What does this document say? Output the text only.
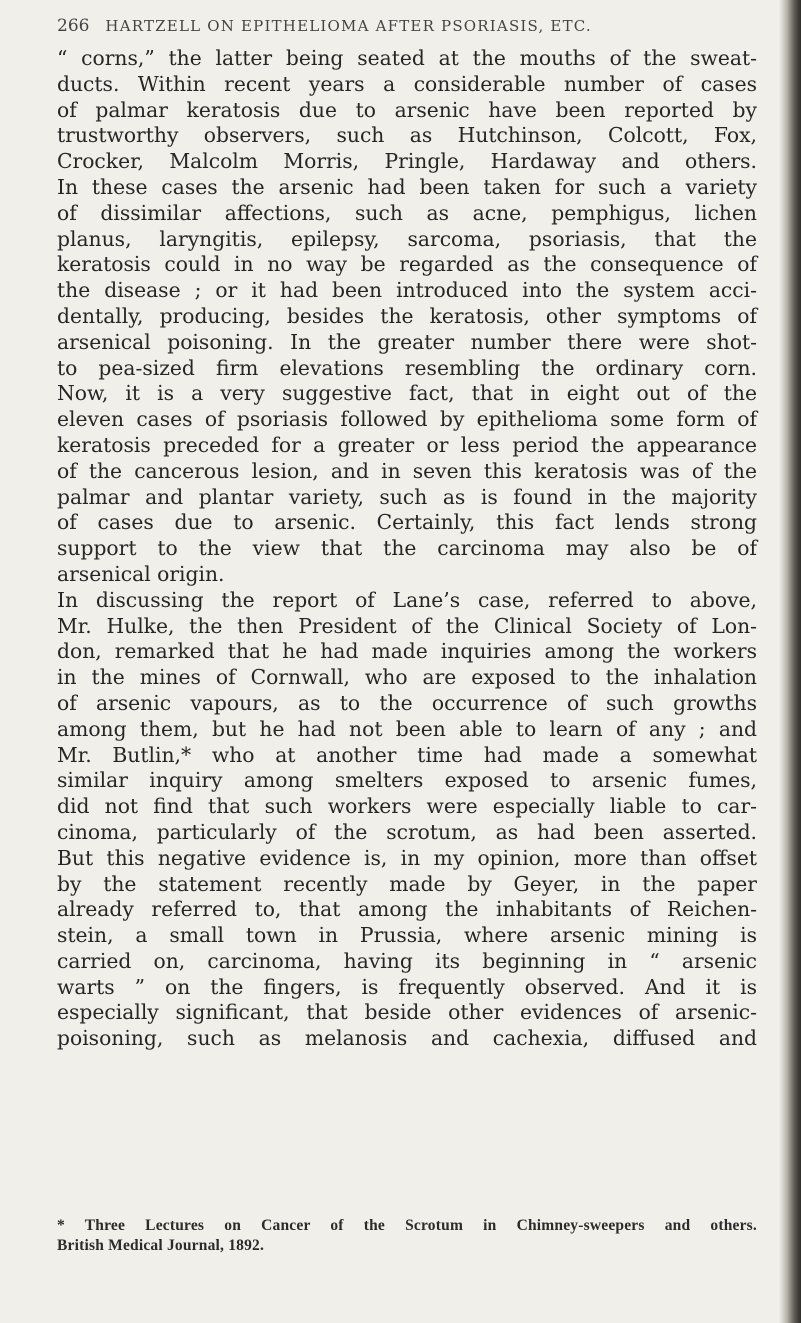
266 HARTZELL ON EPITHELIOMA AFTER PSORIASIS, ETC.
“ corns,” the latter being seated at the mouths of the sweat-
ducts. Within recent years a considerable number of cases
of palmar keratosis due to arsenic have been reported by
trustworthy observers, such as Hutchinson, Colcott, Fox,
Crocker, Malcolm Morris, Pringle, Hardaway and others.
In these cases the arsenic had been taken for such a variety
of dissimilar affections, such as acne, pemphigus, lichen
planus, laryngitis, epilepsy, sarcoma, psoriasis, that the
keratosis could in no way be regarded as the consequence of
the disease ; or it had been introduced into the system acci-
dentally, producing, besides the keratosis, other symptoms of
arsenical poisoning. In the greater number there were shot-
to pea-sized firm elevations resembling the ordinary corn.
Now, it is a very suggestive fact, that in eight out of the
eleven cases of psoriasis followed by epithelioma some form of
keratosis preceded for a greater or less period the appearance
of the cancerous lesion, and in seven this keratosis was of the
palmar and plantar variety, such as is found in the majority
of cases due to arsenic. Certainly, this fact lends strong
support to the view that the carcinoma may also be of
arsenical origin.
In discussing the report of Lane’s case, referred to above,
Mr. Hulke, the then President of the Clinical Society of Lon-
don, remarked that he had made inquiries among the workers
in the mines of Cornwall, who are exposed to the inhalation
of arsenic vapours, as to the occurrence of such growths
among them, but he had not been able to learn of any ; and
Mr. Butlin,* who at another time had made a somewhat
similar inquiry among smelters exposed to arsenic fumes,
did not find that such workers were especially liable to car-
cinoma, particularly of the scrotum, as had been asserted.
But this negative evidence is, in my opinion, more than offset
by the statement recently made by Geyer, in the paper
already referred to, that among the inhabitants of Reichen-
stein, a small town in Prussia, where arsenic mining is
carried on, carcinoma, having its beginning in “ arsenic
warts ” on the fingers, is frequently observed. And it is
especially significant, that beside other evidences of arsenic-
poisoning, such as melanosis and cachexia, diffused and
* Three Lectures on Cancer of the Scrotum in Chimney-sweepers and others.
British Medical Journal, 1892.
